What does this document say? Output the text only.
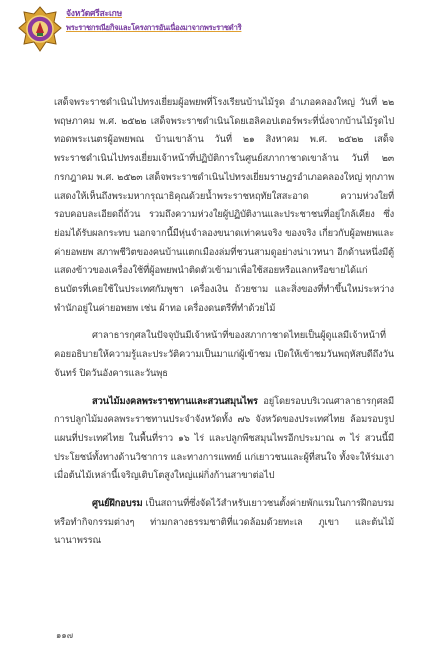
จังหวัดศรีสะเกษ
พระราชกรณียกิจและโครงการอันเนื่องมาจากพระราชดำริ

เสด็จพระราชดำเนินไปทรงเยี่ยมผู้อพยพที่โรงเรียนบ้านไม้รูด อำเภอคลองใหญ่ วันที่ ๒๒ พฤษภาคม พ.ศ. ๒๕๒๒ เสด็จพระราชดำเนินโดยเฮลิคอปเตอร์พระที่นั่งจากบ้านไม้รูดไปทอดพระเนตรผู้อพยพณ บ้านเขาล้าน วันที่ ๒๑ สิงหาคม พ.ศ. ๒๕๒๒ เสด็จพระราชดำเนินไปทรงเยี่ยมเจ้าหน้าที่ปฏิบัติการในศูนย์สภากาชาดเขาล้าน วันที่ ๒๓ กรกฎาคม พ.ศ. ๒๕๒๓ เสด็จพระราชดำเนินไปทรงเยี่ยมราษฎรอำเภอคลองใหญ่ ทุกภาพแสดงให้เห็นถึงพระมหากรุณาธิคุณด้วยน้ำพระราชหฤทัยใสสะอาด ความห่วงใยที่รอบคอบละเอียดถี่ถ้วน รวมถึงความห่วงใยผู้ปฏิบัติงานและประชาชนที่อยู่ใกล้เคียง ซึ่งย่อมได้รับผลกระทบ นอกจากนี้มีหุ่นจำลองขนาดเท่าคนจริง ของจริง เกี่ยวกับผู้อพยพและค่ายอพยพ สภาพชีวิตของคนบ้านแตกเมืองล่มที่ชวนสามดูอย่างน่าเวทนา อีกด้านหนึ่งมีตู้แสดงข้าวของเครื่องใช้ที่ผู้อพยพนำติดตัวเข้ามาเพื่อใช้สอยหรือแลกหรือขายได้แก่ธนบัตรที่เคยใช้ในประเทศกัมพูชา เครื่องเงิน ถ้วยชาม และสิ่งของที่ทำขึ้นใหม่ระหว่างพำนักอยู่ในค่ายอพยพ เช่น ผ้าทอ เครื่องดนตรีที่ทำด้วยไม้

ศาลาธารกุศลในปัจจุบันมีเจ้าหน้าที่ของสภากาชาดไทยเป็นผู้ดูแลมีเจ้าหน้าที่คอยอธิบายให้ความรู้และประวัติความเป็นมาแก่ผู้เข้าชม เปิดให้เข้าชมวันพฤหัสบดีถึงวันจันทร์ ปิดวันอังคารและวันพุธ

สวนไม้มงคลพระราชทานและสวนสมุนไพร อยู่โดยรอบบริเวณศาลาธารกุศลมีการปลูกไม้มงคลพระราชทานประจำจังหวัดทั้ง ๗๖ จังหวัดของประเทศไทย ล้อมรอบรูปแผนที่ประเทศไทย ในพื้นที่ราว ๑๖ ไร่ และปลูกพืชสมุนไพรอีกประมาณ ๓ ไร่ สวนนี้มีประโยชน์ทั้งทางด้านวิชาการ และทางการแพทย์ แก่เยาวชนและผู้ที่สนใจ ทั้งจะให้ร่มเงาเมื่อต้นไม้เหล่านี้เจริญเติบโตสูงใหญ่แผ่กิ่งก้านสาขาต่อไป

ศูนย์ฝึกอบรม เป็นสถานที่ซึ่งจัดไว้สำหรับเยาวชนตั้งค่ายพักแรมในการฝึกอบรมหรือทำกิจกรรมต่างๆ ท่ามกลางธรรมชาติที่แวดล้อมด้วยทะเล ภูเขา และต้นไม้นานาพรรณ

๑๑๗
